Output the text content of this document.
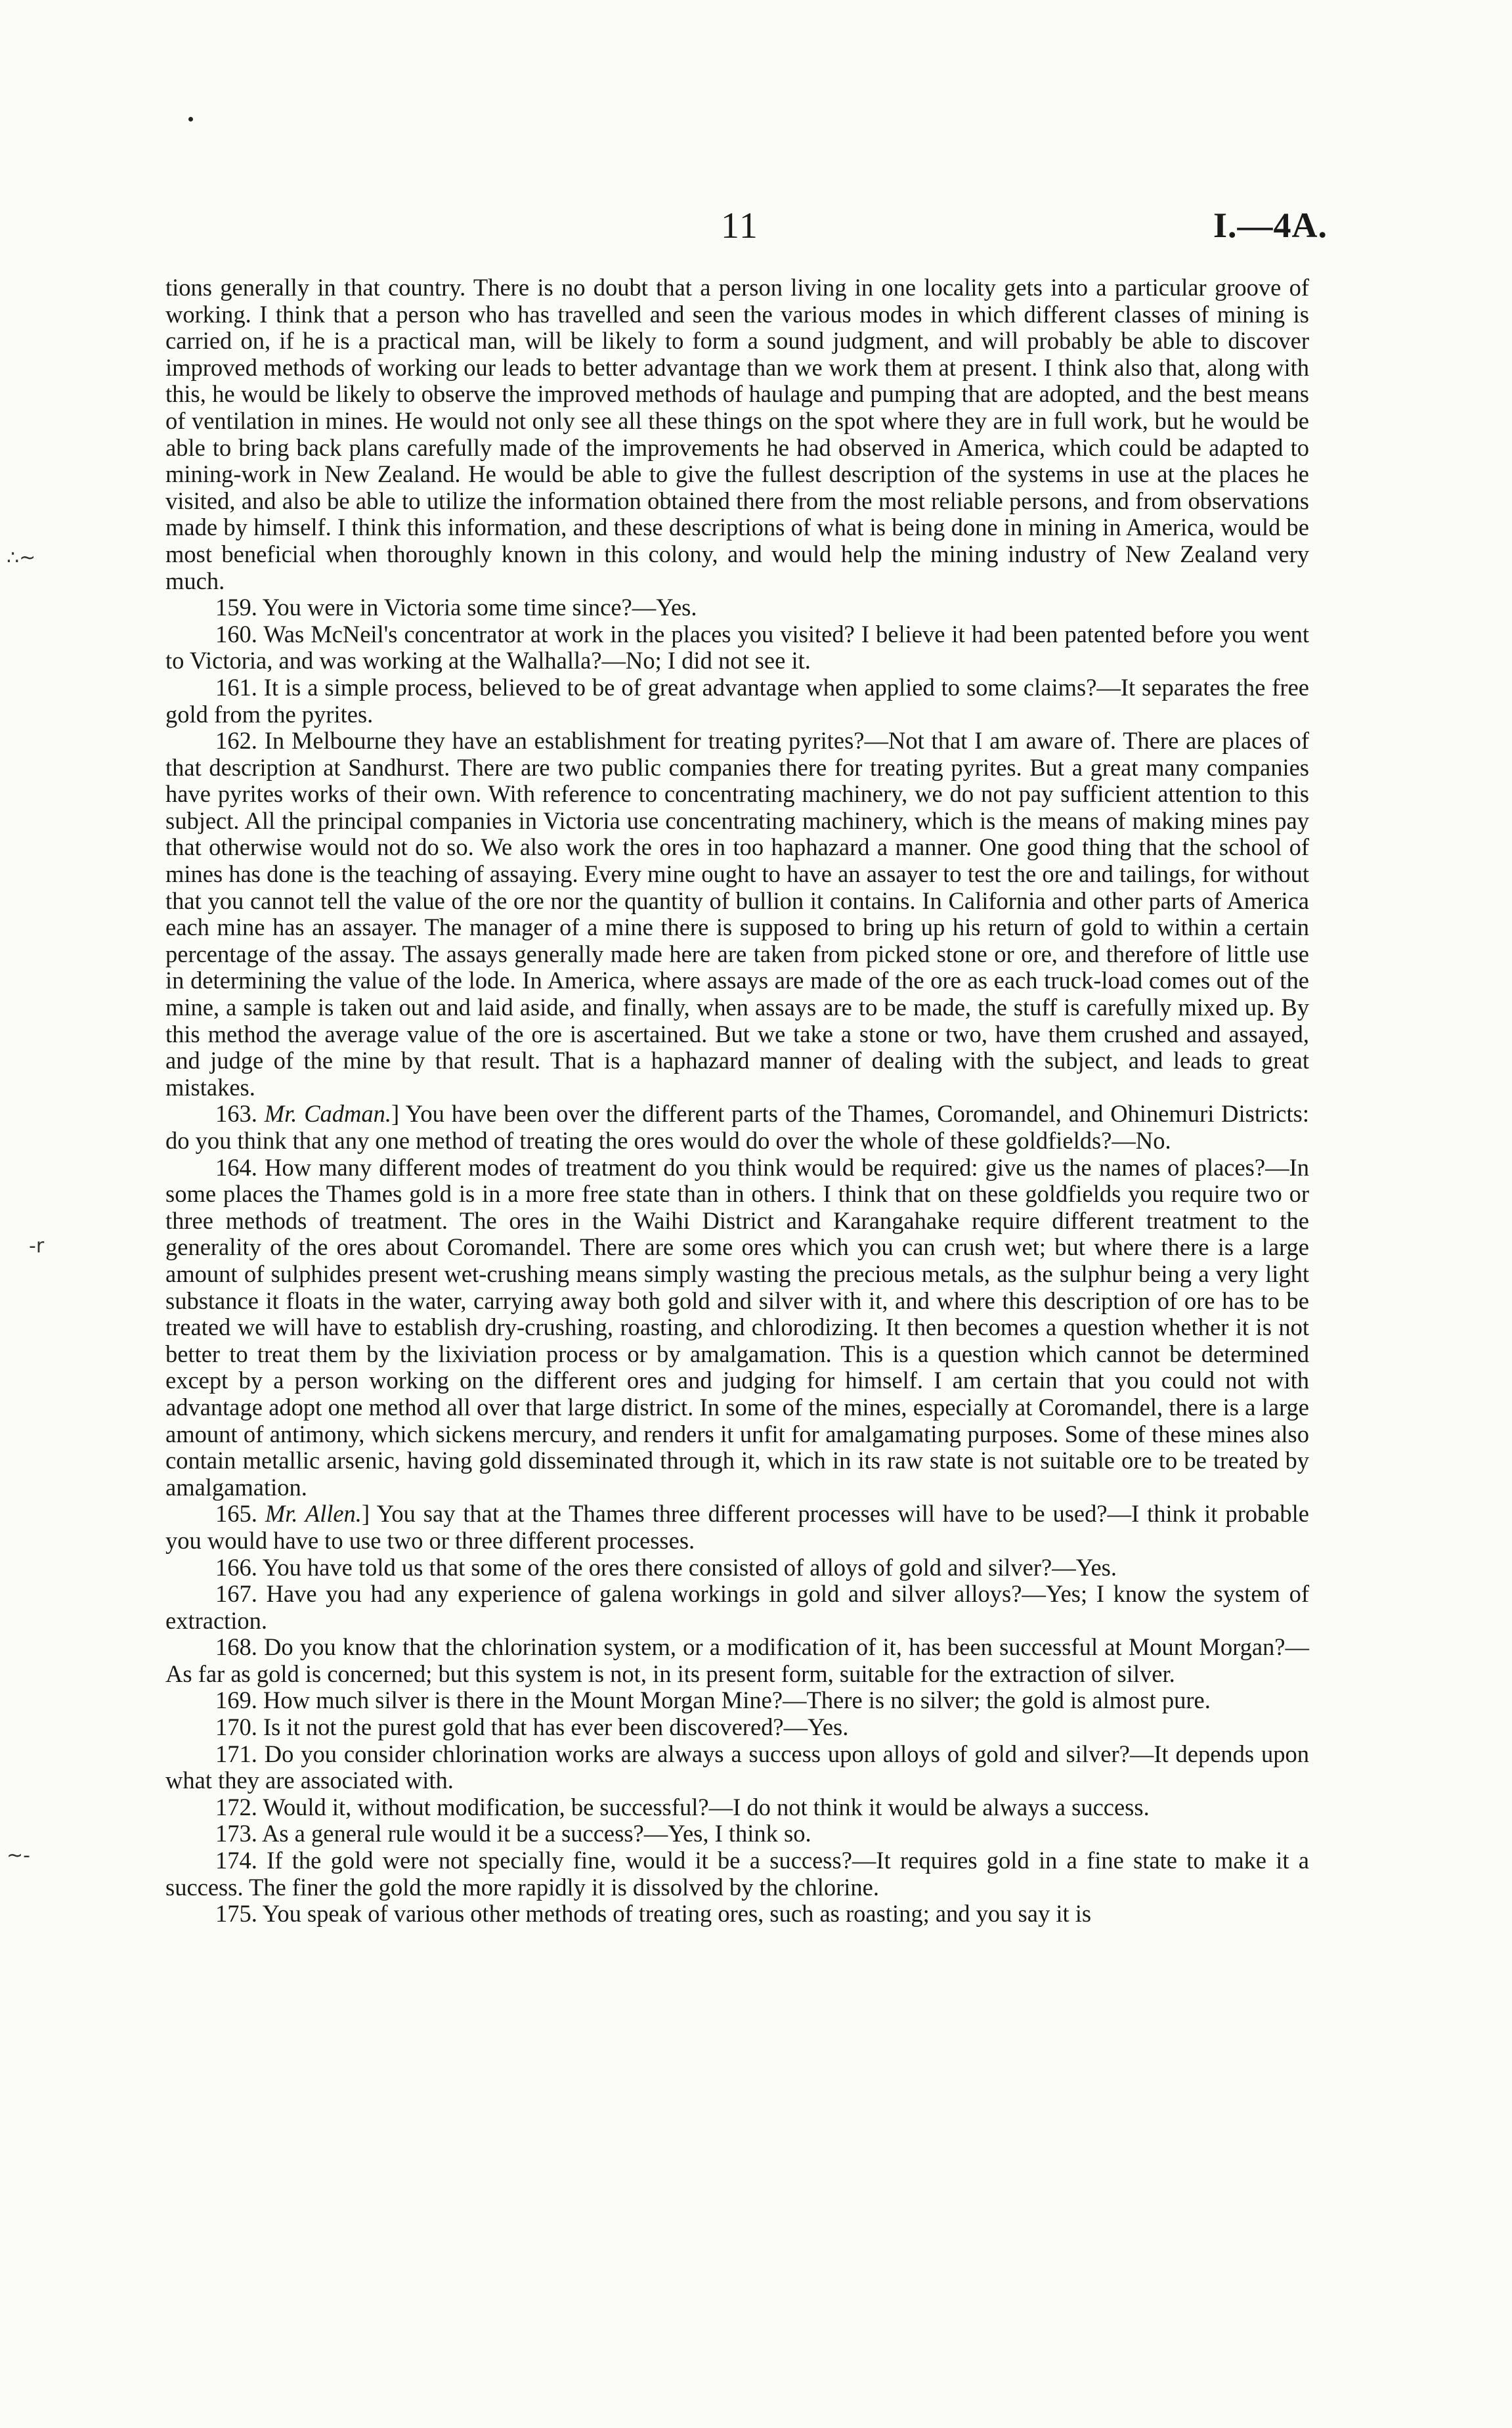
∴~
-r
~-
11	I.—4A.

tions generally in that country. There is no doubt that a person living in one locality gets into a particular groove of working. I think that a person who has travelled and seen the various modes in which different classes of mining is carried on, if he is a practical man, will be likely to form a sound judgment, and will probably be able to discover improved methods of working our leads to better advantage than we work them at present. I think also that, along with this, he would be likely to observe the improved methods of haulage and pumping that are adopted, and the best means of ventilation in mines. He would not only see all these things on the spot where they are in full work, but he would be able to bring back plans carefully made of the improvements he had observed in America, which could be adapted to mining-work in New Zealand. He would be able to give the fullest description of the systems in use at the places he visited, and also be able to utilize the information obtained there from the most reliable persons, and from observations made by himself. I think this information, and these descriptions of what is being done in mining in America, would be most beneficial when thoroughly known in this colony, and would help the mining industry of New Zealand very much.

159. You were in Victoria some time since?—Yes.

160. Was McNeil's concentrator at work in the places you visited? I believe it had been patented before you went to Victoria, and was working at the Walhalla?—No; I did not see it.

161. It is a simple process, believed to be of great advantage when applied to some claims?—It separates the free gold from the pyrites.

162. In Melbourne they have an establishment for treating pyrites?—Not that I am aware of. There are places of that description at Sandhurst. There are two public companies there for treating pyrites. But a great many companies have pyrites works of their own. With reference to concentrating machinery, we do not pay sufficient attention to this subject. All the principal companies in Victoria use concentrating machinery, which is the means of making mines pay that otherwise would not do so. We also work the ores in too haphazard a manner. One good thing that the school of mines has done is the teaching of assaying. Every mine ought to have an assayer to test the ore and tailings, for without that you cannot tell the value of the ore nor the quantity of bullion it contains. In California and other parts of America each mine has an assayer. The manager of a mine there is supposed to bring up his return of gold to within a certain percentage of the assay. The assays generally made here are taken from picked stone or ore, and therefore of little use in determining the value of the lode. In America, where assays are made of the ore as each truck-load comes out of the mine, a sample is taken out and laid aside, and finally, when assays are to be made, the stuff is carefully mixed up. By this method the average value of the ore is ascertained. But we take a stone or two, have them crushed and assayed, and judge of the mine by that result. That is a haphazard manner of dealing with the subject, and leads to great mistakes.

163. Mr. Cadman.] You have been over the different parts of the Thames, Coromandel, and Ohinemuri Districts: do you think that any one method of treating the ores would do over the whole of these goldfields?—No.

164. How many different modes of treatment do you think would be required: give us the names of places?—In some places the Thames gold is in a more free state than in others. I think that on these goldfields you require two or three methods of treatment. The ores in the Waihi District and Karangahake require different treatment to the generality of the ores about Coromandel. There are some ores which you can crush wet; but where there is a large amount of sulphides present wet-crushing means simply wasting the precious metals, as the sulphur being a very light substance it floats in the water, carrying away both gold and silver with it, and where this description of ore has to be treated we will have to establish dry-crushing, roasting, and chlorodizing. It then becomes a question whether it is not better to treat them by the lixiviation process or by amalgamation. This is a question which cannot be determined except by a person working on the different ores and judging for himself. I am certain that you could not with advantage adopt one method all over that large district. In some of the mines, especially at Coromandel, there is a large amount of antimony, which sickens mercury, and renders it unfit for amalgamating purposes. Some of these mines also contain metallic arsenic, having gold disseminated through it, which in its raw state is not suitable ore to be treated by amalgamation.

165. Mr. Allen.] You say that at the Thames three different processes will have to be used?—I think it probable you would have to use two or three different processes.

166. You have told us that some of the ores there consisted of alloys of gold and silver?—Yes.

167. Have you had any experience of galena workings in gold and silver alloys?—Yes; I know the system of extraction.

168. Do you know that the chlorination system, or a modification of it, has been successful at Mount Morgan?—As far as gold is concerned; but this system is not, in its present form, suitable for the extraction of silver.

169. How much silver is there in the Mount Morgan Mine?—There is no silver; the gold is almost pure.

170. Is it not the purest gold that has ever been discovered?—Yes.

171. Do you consider chlorination works are always a success upon alloys of gold and silver?—It depends upon what they are associated with.

172. Would it, without modification, be successful?—I do not think it would be always a success.

173. As a general rule would it be a success?—Yes, I think so.

174. If the gold were not specially fine, would it be a success?—It requires gold in a fine state to make it a success. The finer the gold the more rapidly it is dissolved by the chlorine.

175. You speak of various other methods of treating ores, such as roasting; and you say it is
